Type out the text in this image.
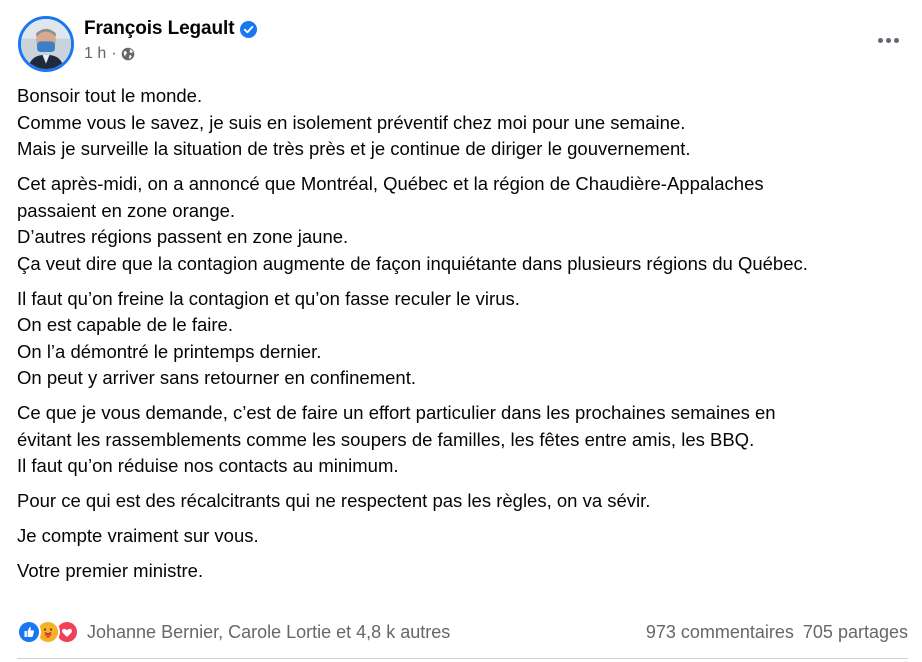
François Legault
1 h ·

Bonsoir tout le monde.
Comme vous le savez, je suis en isolement préventif chez moi pour une semaine.
Mais je surveille la situation de très près et je continue de diriger le gouvernement.

Cet après-midi, on a annoncé que Montréal, Québec et la région de Chaudière-Appalaches
passaient en zone orange.
D’autres régions passent en zone jaune.
Ça veut dire que la contagion augmente de façon inquiétante dans plusieurs régions du Québec.

Il faut qu’on freine la contagion et qu’on fasse reculer le virus.
On est capable de le faire.
On l’a démontré le printemps dernier.
On peut y arriver sans retourner en confinement.

Ce que je vous demande, c’est de faire un effort particulier dans les prochaines semaines en
évitant les rassemblements comme les soupers de familles, les fêtes entre amis, les BBQ.
Il faut qu’on réduise nos contacts au minimum.

Pour ce qui est des récalcitrants qui ne respectent pas les règles, on va sévir.

Je compte vraiment sur vous.

Votre premier ministre.

Johanne Bernier, Carole Lortie et 4,8 k autres	973 commentaires 705 partages
